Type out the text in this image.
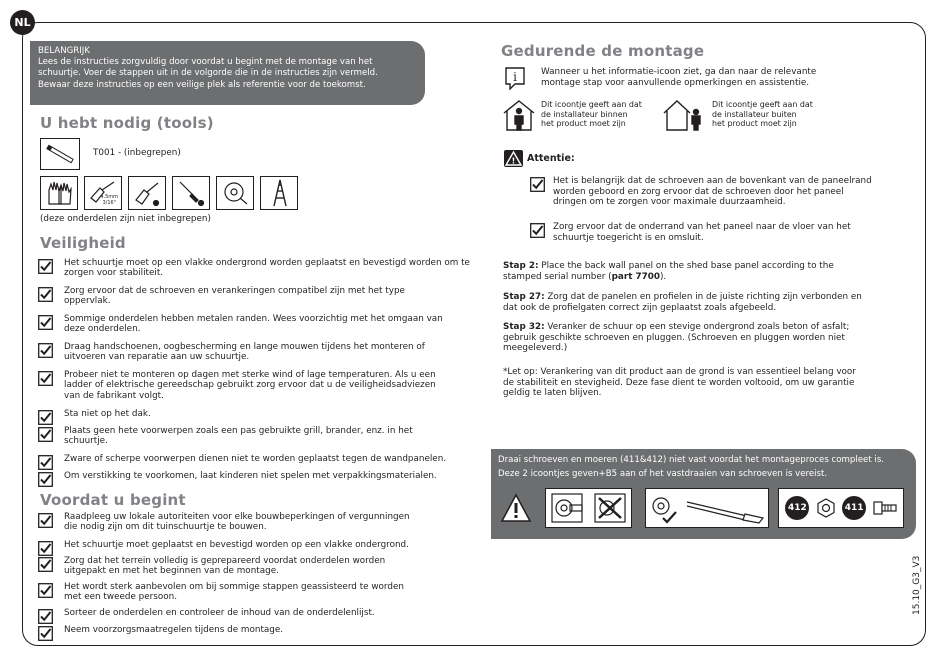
NL
15.10_G3_V3
BELANGRIJK
Lees de instructies zorgvuldig door voordat u begint met de montage van het
schuurtje. Voer de stappen uit in de volgorde die in de instructies zijn vermeld.
Bewaar deze instructies op een veilige plek als referentie voor de toekomst.
U hebt nodig (tools)
T001 - (inbegrepen)
4.5mm
3/16"
(deze onderdelen zijn niet inbegrepen)
Veiligheid
Het schuurtje moet op een vlakke ondergrond worden geplaatst en bevestigd worden om te
zorgen voor stabiliteit.
Zorg ervoor dat de schroeven en verankeringen compatibel zijn met het type
oppervlak.
Sommige onderdelen hebben metalen randen. Wees voorzichtig met het omgaan van
deze onderdelen.
Draag handschoenen, oogbescherming en lange mouwen tijdens het monteren of
uitvoeren van reparatie aan uw schuurtje.
Probeer niet te monteren op dagen met sterke wind of lage temperaturen. Als u een
ladder of elektrische gereedschap gebruikt zorg ervoor dat u de veiligheidsadviezen
van de fabrikant volgt.
Sta niet op het dak.
Plaats geen hete voorwerpen zoals een pas gebruikte grill, brander, enz. in het
schuurtje.
Zware of scherpe voorwerpen dienen niet te worden geplaatst tegen de wandpanelen.
Om verstikking te voorkomen, laat kinderen niet spelen met verpakkingsmaterialen.
Voordat u begint
Raadpleeg uw lokale autoriteiten voor elke bouwbeperkingen of vergunningen
die nodig zijn om dit tuinschuurtje te bouwen.
Het schuurtje moet geplaatst en bevestigd worden op een vlakke ondergrond.
Zorg dat het terrein volledig is geprepareerd voordat onderdelen worden
uitgepakt en met het beginnen van de montage.
Het wordt sterk aanbevolen om bij sommige stappen geassisteerd te worden
met een tweede persoon.
Sorteer de onderdelen en controleer de inhoud van de onderdelenlijst.
Neem voorzorgsmaatregelen tijdens de montage.
Gedurende de montage
i	Wanneer u het informatie-icoon ziet, ga dan naar de relevante
montage stap voor aanvullende opmerkingen en assistentie.
Dit icoontje geeft aan dat
de installateur binnen
het product moet zijn
Dit icoontje geeft aan dat
de installateur buiten
het product moet zijn
! Attentie:
Het is belangrijk dat de schroeven aan de bovenkant van de paneelrand
worden geboord en zorg ervoor dat de schroeven door het paneel
dringen om te zorgen voor maximale duurzaamheid.
Zorg ervoor dat de onderrand van het paneel naar de vloer van het
schuurtje toegericht is en omsluit.
Stap 2: Place the back wall panel on the shed base panel according to the
stamped serial number (part 7700).
Stap 27: Zorg dat de panelen en profielen in de juiste richting zijn verbonden en
dat ook de profielgaten correct zijn geplaatst zoals afgebeeld.
Stap 32: Veranker de schuur op een stevige ondergrond zoals beton of asfalt;
gebruik geschikte schroeven en pluggen. (Schroeven en pluggen worden niet
meegeleverd.)
*Let op: Verankering van dit product aan de grond is van essentieel belang voor
de stabiliteit en stevigheid. Deze fase dient te worden voltooid, om uw garantie
geldig te laten blijven.
Draai schroeven en moeren (411&412) niet vast voordat het montageproces compleet is.
Deze 2 icoontjes geven+B5 aan of het vastdraaien van schroeven is vereist.
412	411
